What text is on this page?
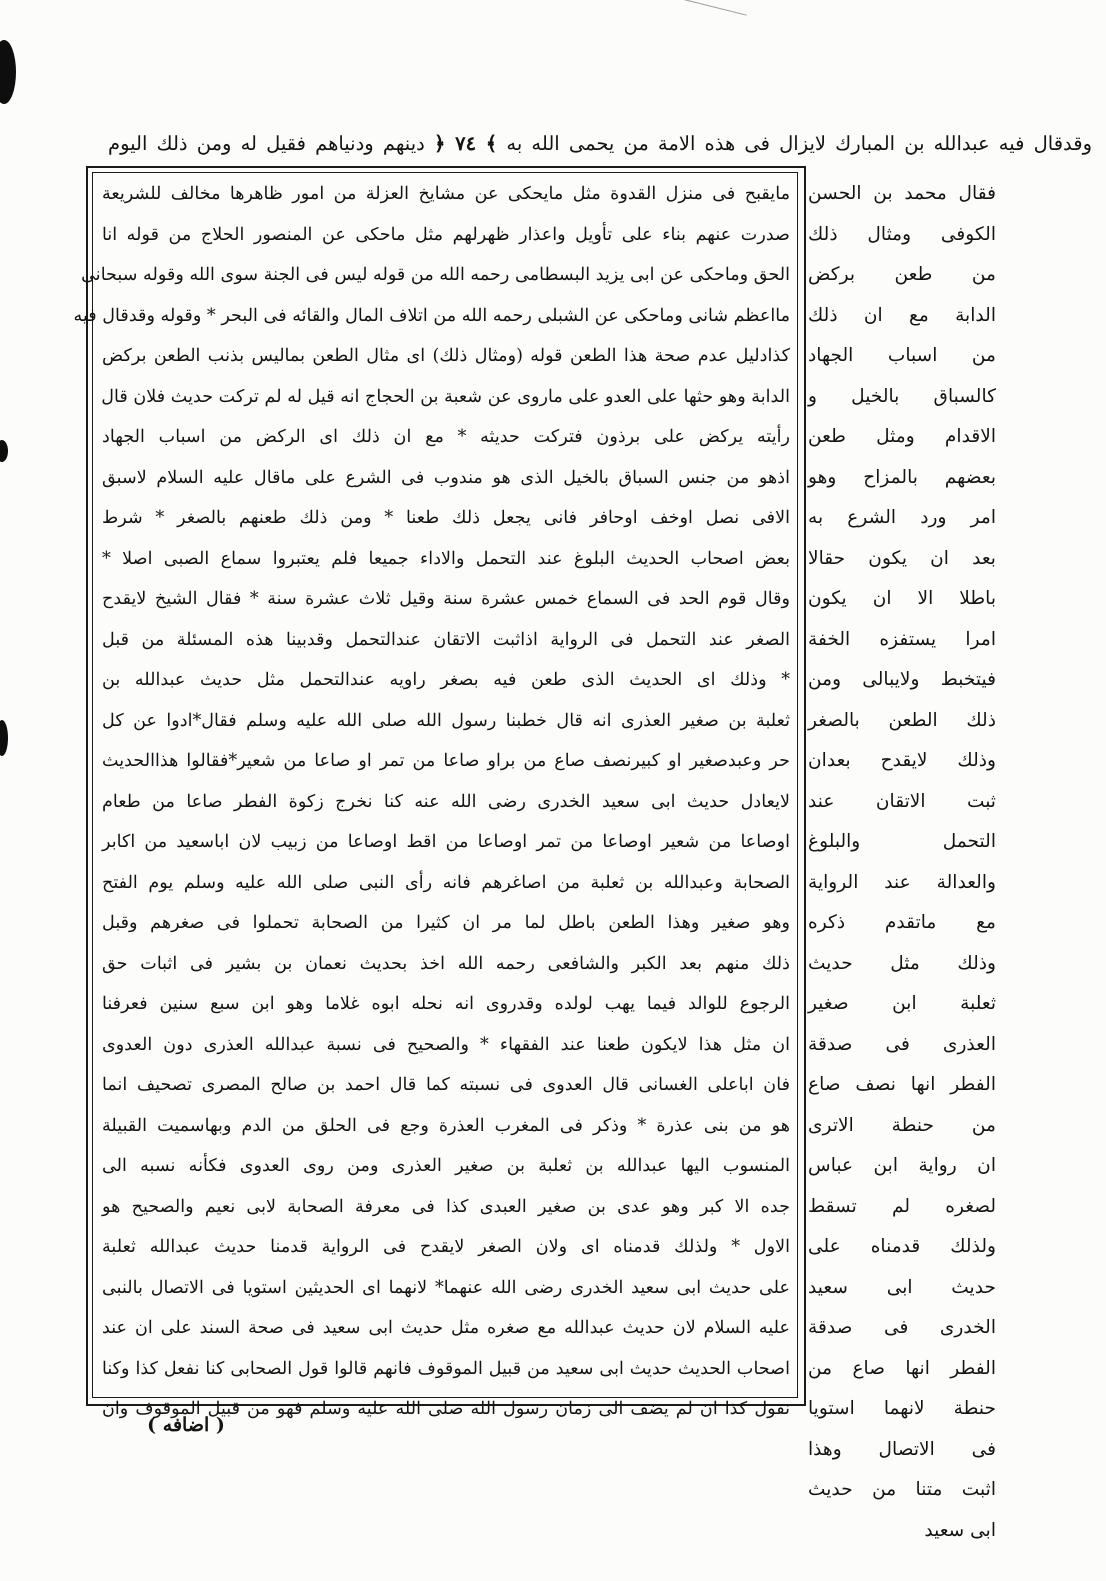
وقدقال فيه عبدالله بن المبارك لايزال فى هذه الامة من يحمى الله به ﴾ ٧٤ ﴿ دينهم ودنياهم فقيل له ومن ذلك اليوم
مايقبح فى منزل القدوة مثل مايحكى عن مشايخ العزلة من امور ظاهرها مخالف للشريعة
صدرت عنهم بناء على تأويل واعذار ظهرلهم مثل ماحكى عن المنصور الحلاج من قوله انا
الحق وماحكى عن ابى يزيد البسطامى رحمه الله من قوله ليس فى الجنة سوى الله وقوله سبحانى
مااعظم شانى وماحكى عن الشبلى رحمه الله من اتلاف المال والقائه فى البحر * وقوله وقدقال فيه
كذادليل عدم صحة هذا الطعن قوله (ومثال ذلك) اى مثال الطعن بماليس بذنب الطعن بركض
الدابة وهو حثها على العدو على ماروى عن شعبة بن الحجاج انه قيل له لم تركت حديث فلان قال
رأيته يركض على برذون فتركت حديثه * مع ان ذلك اى الركض من اسباب الجهاد
اذهو من جنس السباق بالخيل الذى هو مندوب فى الشرع على ماقال عليه السلام لاسبق
الافى نصل اوخف اوحافر فانى يجعل ذلك طعنا * ومن ذلك طعنهم بالصغر * شرط
بعض اصحاب الحديث البلوغ عند التحمل والاداء جميعا فلم يعتبروا سماع الصبى اصلا *
وقال قوم الحد فى السماع خمس عشرة سنة وقيل ثلاث عشرة سنة * فقال الشيخ لايقدح
الصغر عند التحمل فى الرواية اذاثبت الاتقان عندالتحمل وقدبينا هذه المسئلة من قبل
* وذلك اى الحديث الذى طعن فيه بصغر راويه عندالتحمل مثل حديث عبدالله بن
ثعلبة بن صغير العذرى انه قال خطبنا رسول الله صلى الله عليه وسلم فقال*ادوا عن كل
حر وعبدصغير او كبيرنصف صاع من براو صاعا من تمر او صاعا من شعير*فقالوا هذاالحديث
لايعادل حديث ابى سعيد الخدرى رضى الله عنه كنا نخرج زكوة الفطر صاعا من طعام
اوصاعا من شعير اوصاعا من تمر اوصاعا من اقط اوصاعا من زبيب لان اباسعيد من اكابر
الصحابة وعبدالله بن ثعلبة من اصاغرهم فانه رأى النبى صلى الله عليه وسلم يوم الفتح
وهو صغير وهذا الطعن باطل لما مر ان كثيرا من الصحابة تحملوا فى صغرهم وقبل
ذلك منهم بعد الكبر والشافعى رحمه الله اخذ بحديث نعمان بن بشير فى اثبات حق
الرجوع للوالد فيما يهب لولده وقدروى انه نحله ابوه غلاما وهو ابن سبع سنين فعرفنا
ان مثل هذا لايكون طعنا عند الفقهاء * والصحيح فى نسبة عبدالله العذرى دون العدوى
فان اباعلى الغسانى قال العدوى فى نسبته كما قال احمد بن صالح المصرى تصحيف انما
هو من بنى عذرة * وذكر فى المغرب العذرة وجع فى الحلق من الدم وبهاسميت القبيلة
المنسوب اليها عبدالله بن ثعلبة بن صغير العذرى ومن روى العدوى فكأنه نسبه الى
جده الا كبر وهو عدى بن صغير العبدى كذا فى معرفة الصحابة لابى نعيم والصحيح هو
الاول * ولذلك قدمناه اى ولان الصغر لايقدح فى الرواية قدمنا حديث عبدالله ثعلبة
على حديث ابى سعيد الخدرى رضى الله عنهما* لانهما اى الحديثين استويا فى الاتصال بالنبى
عليه السلام لان حديث عبدالله مع صغره مثل حديث ابى سعيد فى صحة السند على ان عند
اصحاب الحديث حديث ابى سعيد من قبيل الموقوف فانهم قالوا قول الصحابى كنا نفعل كذا وكنا
نقول كذا ان لم يضف الى زمان رسول الله صلى الله عليه وسلم فهو من قبيل الموقوف وان
فقال محمد بن الحسن
الكوفى ومثال ذلك
من طعن بركض
الدابة مع ان ذلك
من اسباب الجهاد
كالسباق بالخيل و
الاقدام ومثل طعن
بعضهم بالمزاح وهو
امر ورد الشرع به
بعد ان يكون حقالا
باطلا الا ان يكون
امرا يستفزه الخفة
فيتخبط ولايبالى ومن
ذلك الطعن بالصغر
وذلك لايقدح بعدان
ثبت الاتقان عند
التحمل والبلوغ
والعدالة عند الرواية
مع ماتقدم ذكره
وذلك مثل حديث
ثعلبة ابن صغير
العذرى فى صدقة
الفطر انها نصف صاع
من حنطة الاترى
ان رواية ابن عباس
لصغره لم تسقط
ولذلك قدمناه على
حديث ابى سعيد
الخدرى فى صدقة
الفطر انها صاع من
حنطة لانهما استويا
فى الاتصال وهذا
اثبت متنا من حديث
ابى سعيد
( اضافه )
